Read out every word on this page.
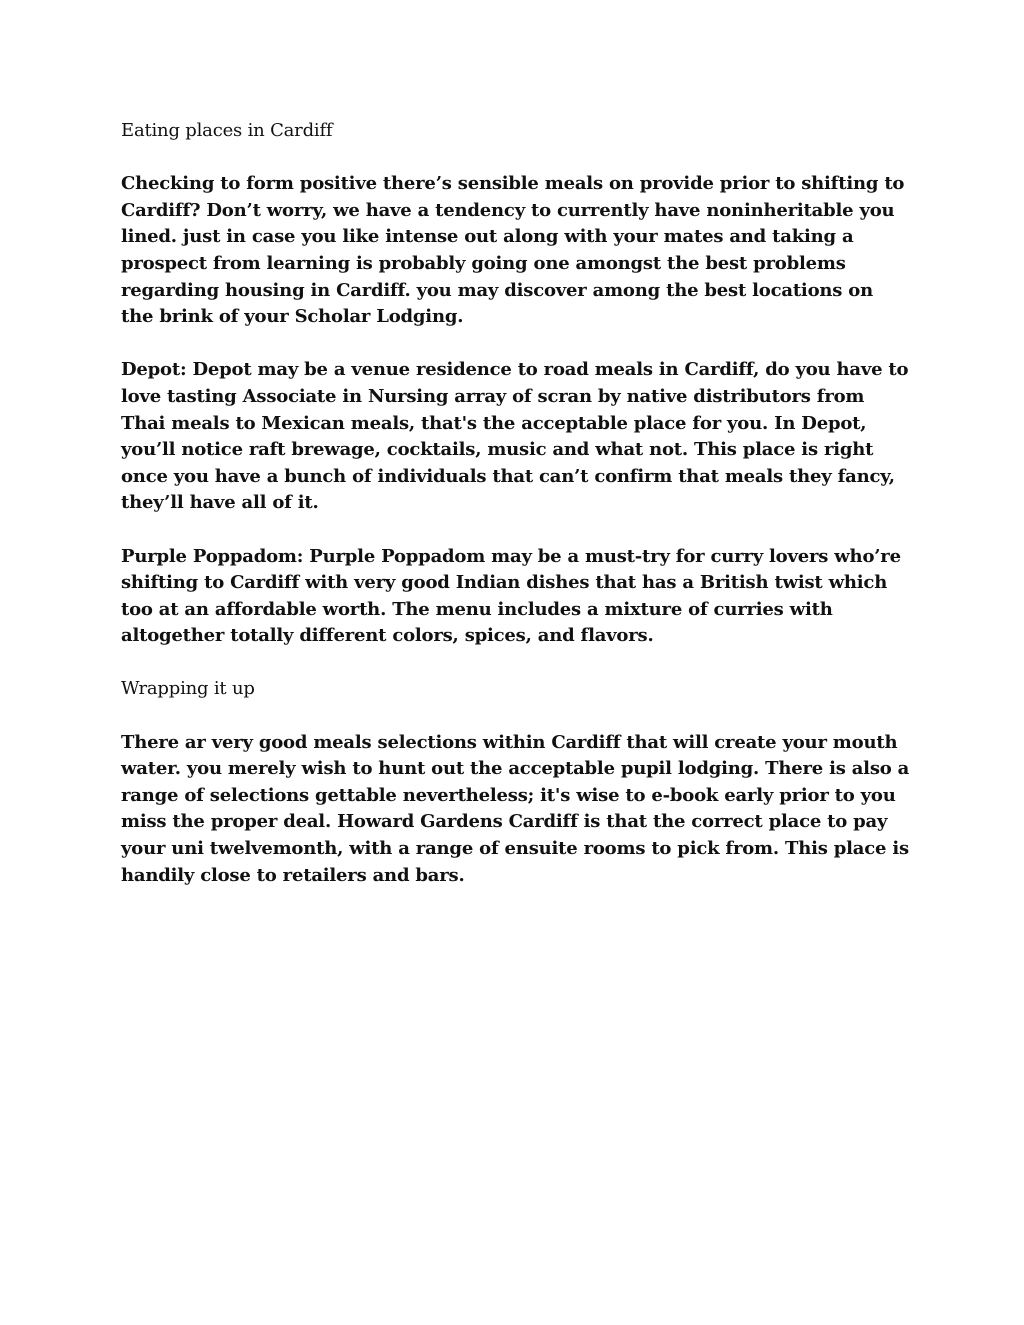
Eating places in Cardiff

Checking to form positive there’s sensible meals on provide prior to shifting to Cardiff? Don’t worry, we have a tendency to currently have noninheritable you lined. just in case you like intense out along with your mates and taking a prospect from learning is probably going one amongst the best problems regarding housing in Cardiff. you may discover among the best locations on the brink of your Scholar Lodging.

Depot: Depot may be a venue residence to road meals in Cardiff, do you have to love tasting Associate in Nursing array of scran by native distributors from Thai meals to Mexican meals, that's the acceptable place for you. In Depot, you’ll notice raft brewage, cocktails, music and what not. This place is right once you have a bunch of individuals that can’t confirm that meals they fancy, they’ll have all of it.

Purple Poppadom: Purple Poppadom may be a must-try for curry lovers who’re shifting to Cardiff with very good Indian dishes that has a British twist which too at an affordable worth. The menu includes a mixture of curries with altogether totally different colors, spices, and flavors.

Wrapping it up

There ar very good meals selections within Cardiff that will create your mouth water. you merely wish to hunt out the acceptable pupil lodging. There is also a range of selections gettable nevertheless; it's wise to e-book early prior to you miss the proper deal. Howard Gardens Cardiff is that the correct place to pay your uni twelvemonth, with a range of ensuite rooms to pick from. This place is handily close to retailers and bars.
